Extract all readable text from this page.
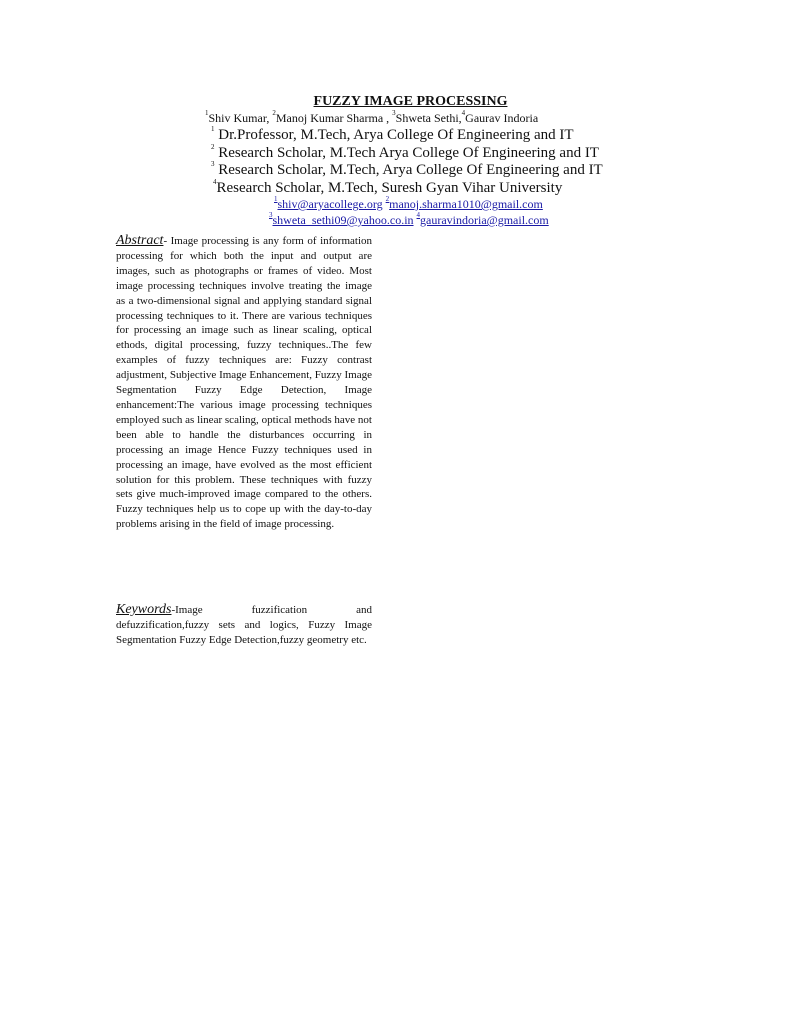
FUZZY IMAGE PROCESSING
$^1$Shiv Kumar, $^2$Manoj Kumar Sharma , $^3$Shweta Sethi,$^4$Gaurav Indoria
$^1$ Dr.Professor, M.Tech, Arya College Of Engineering and IT
$^2$ Research Scholar, M.Tech Arya College Of Engineering and IT
$^3$ Research Scholar, M.Tech, Arya College Of Engineering and IT
$^4$Research Scholar, M.Tech, Suresh Gyan Vihar University
$^1$shiv@aryacollege.org $^2$manoj.sharma1010@gmail.com
$^3$shweta_sethi09@yahoo.co.in $^4$gauravindoria@gmail.com
Abstract- Image processing is any form of information processing for which both the input and output are images, such as photographs or frames of video. Most image processing techniques involve treating the image as a two-dimensional signal and applying standard signal processing techniques to it. There are various techniques for processing an image such as linear scaling, optical ethods, digital processing, fuzzy techniques..The few examples of fuzzy techniques are: Fuzzy contrast adjustment, Subjective Image Enhancement, Fuzzy Image Segmentation Fuzzy Edge Detection, Image enhancement:The various image processing techniques employed such as linear scaling, optical methods have not been able to handle the disturbances occurring in processing an image Hence Fuzzy techniques used in processing an image, have evolved as the most efficient solution for this problem. These techniques with fuzzy sets give much-improved image compared to the others. Fuzzy techniques help us to cope up with the day-to-day problems arising in the field of image processing.
Keywords-Image fuzzification and defuzzification,fuzzy sets and logics, Fuzzy Image Segmentation Fuzzy Edge Detection,fuzzy geometry etc.
